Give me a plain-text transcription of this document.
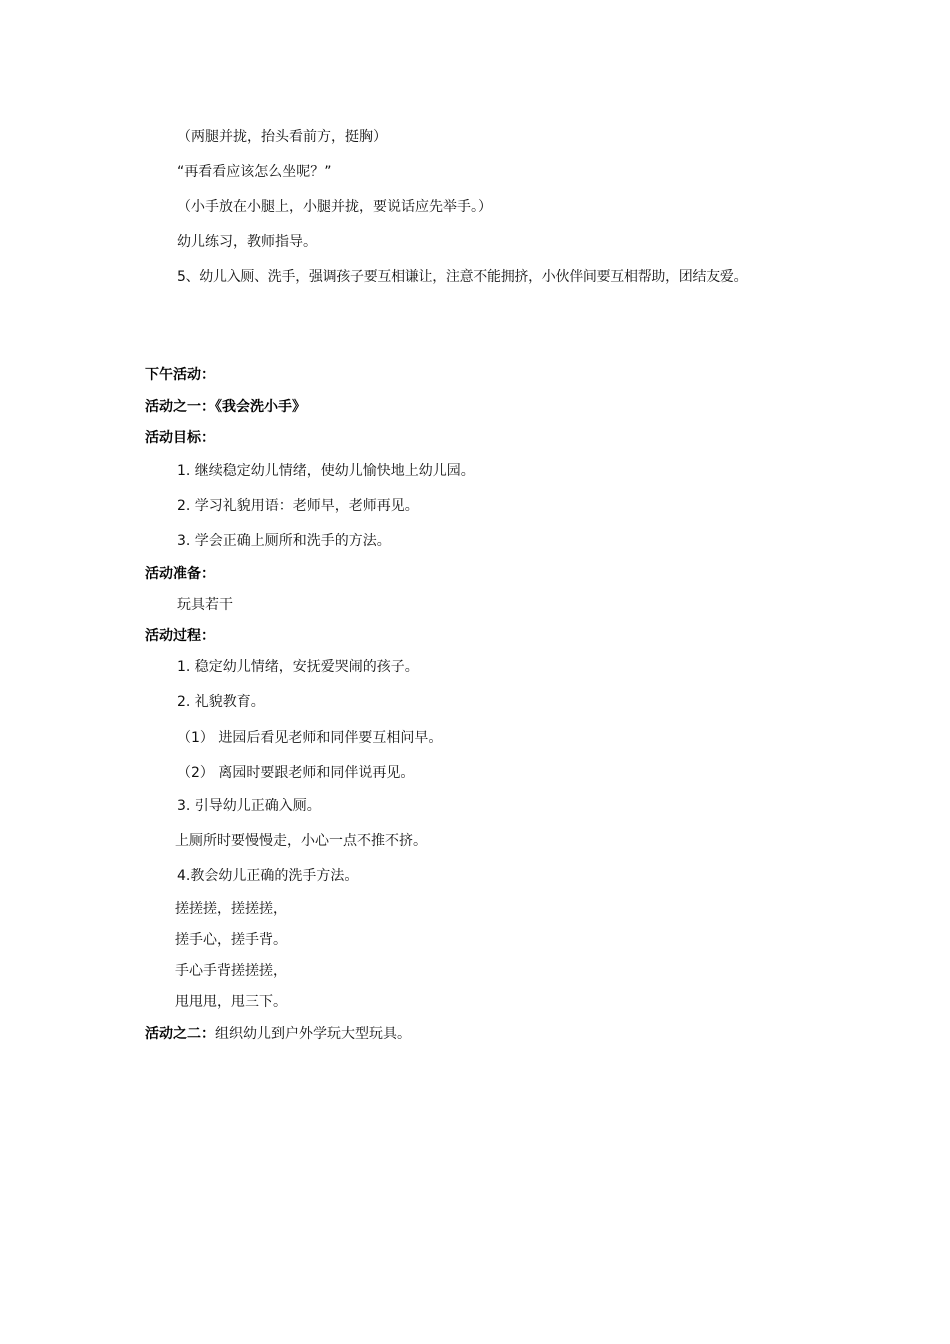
（两腿并拢，抬头看前方，挺胸）
“再看看应该怎么坐呢？”
（小手放在小腿上，小腿并拢，要说话应先举手。）
幼儿练习，教师指导。
5、幼儿入厕、洗手，强调孩子要互相谦让，注意不能拥挤，小伙伴间要互相帮助，团结友爱。
下午活动：
活动之一：《我会洗小手》
活动目标：
1. 继续稳定幼儿情绪，使幼儿愉快地上幼儿园。
2. 学习礼貌用语：老师早，老师再见。
3. 学会正确上厕所和洗手的方法。
活动准备：
玩具若干
活动过程：
1. 稳定幼儿情绪，安抚爱哭闹的孩子。
2. 礼貌教育。
（1） 进园后看见老师和同伴要互相问早。
（2） 离园时要跟老师和同伴说再见。
3. 引导幼儿正确入厕。
上厕所时要慢慢走，小心一点不推不挤。
4.教会幼儿正确的洗手方法。
搓搓搓，搓搓搓，
搓手心，搓手背。
手心手背搓搓搓，
甩甩甩，甩三下。
活动之二：组织幼儿到户外学玩大型玩具。
